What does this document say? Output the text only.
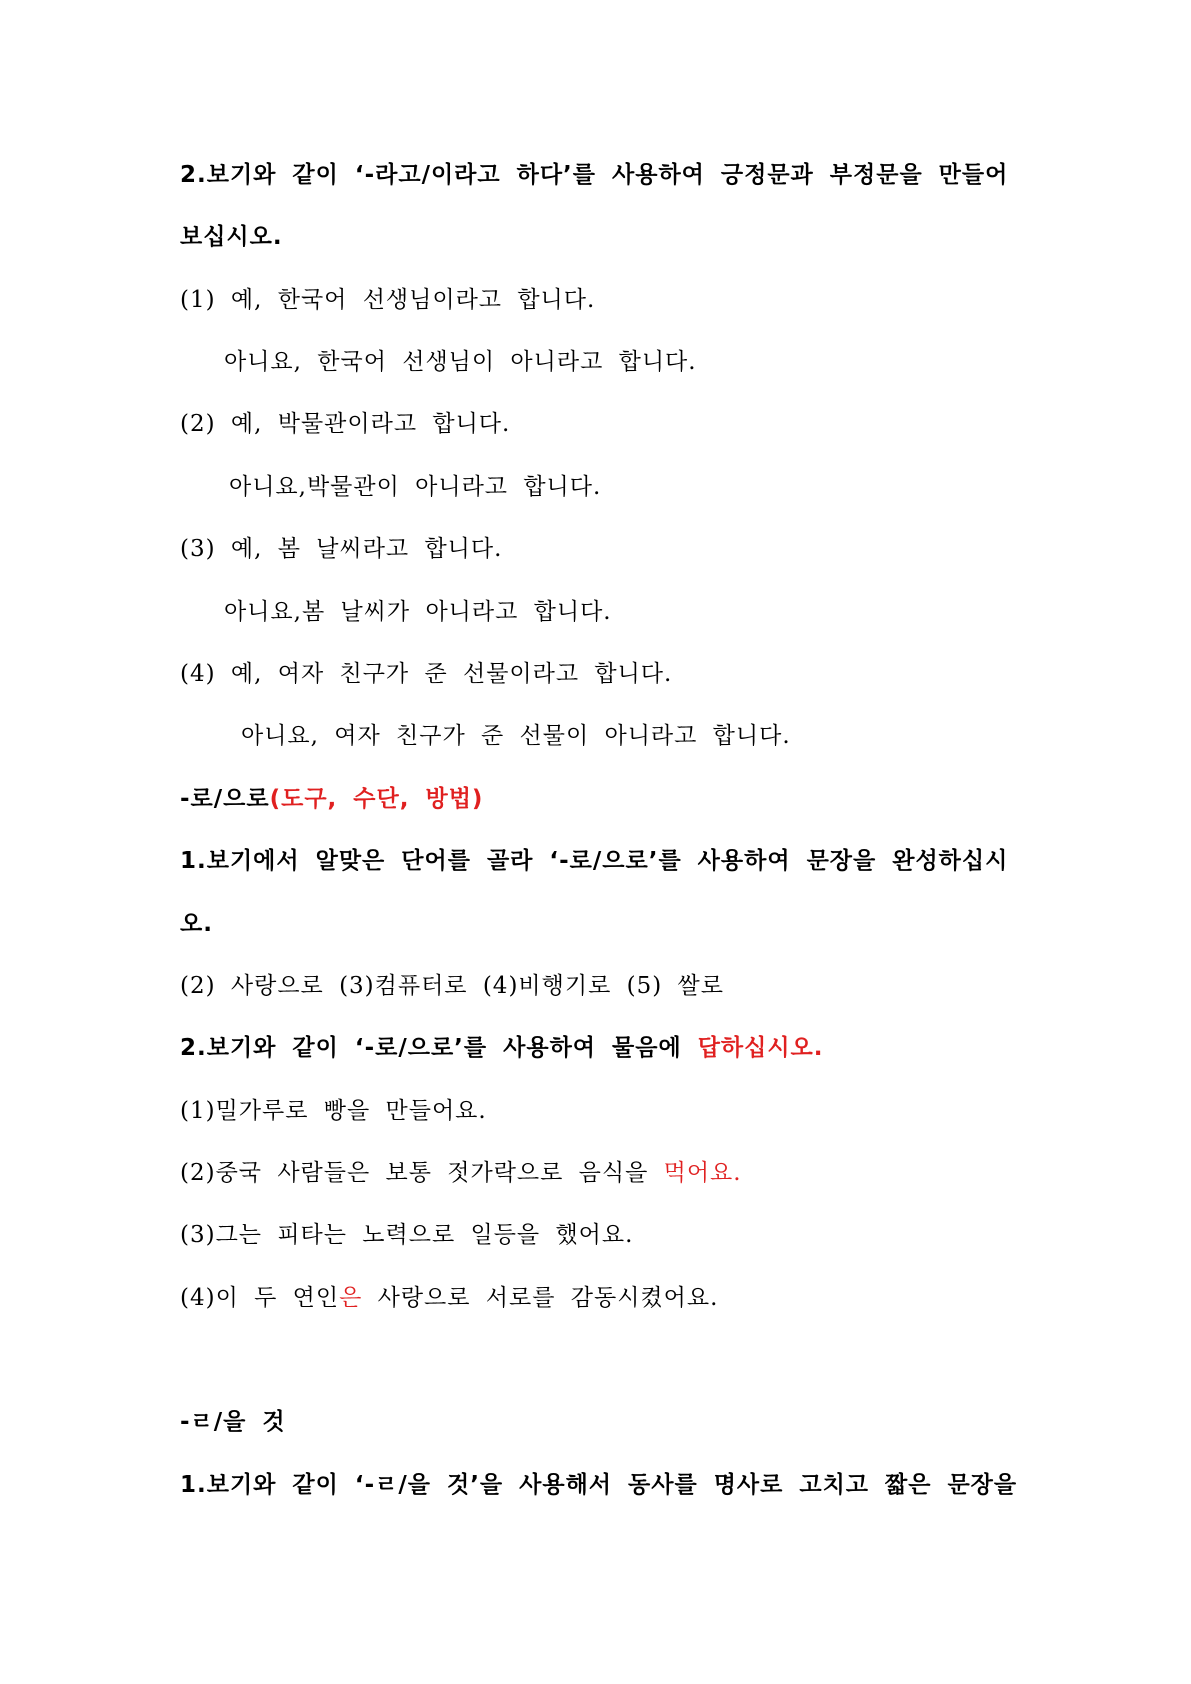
2.보기와 같이 ‘-라고/이라고 하다’를 사용하여 긍정문과 부정문을 만들어
보십시오.
(1) 예, 한국어 선생님이라고 합니다.
아니요, 한국어 선생님이 아니라고 합니다.
(2) 예, 박물관이라고 합니다.
아니요,박물관이 아니라고 합니다.
(3) 예, 봄 날씨라고 합니다.
아니요,봄 날씨가 아니라고 합니다.
(4) 예, 여자 친구가 준 선물이라고 합니다.
아니요, 여자 친구가 준 선물이 아니라고 합니다.
-로/으로(도구, 수단, 방법)
1.보기에서 알맞은 단어를 골라 ‘-로/으로’를 사용하여 문장을 완성하십시
오.
(2) 사랑으로 (3)컴퓨터로 (4)비행기로 (5) 쌀로
2.보기와 같이 ‘-로/으로’를 사용하여 물음에 답하십시오.
(1)밀가루로 빵을 만들어요.
(2)중국 사람들은 보통 젓가락으로 음식을 먹어요.
(3)그는 피타는 노력으로 일등을 했어요.
(4)이 두 연인은 사랑으로 서로를 감동시켰어요.
-ㄹ/을 것
1.보기와 같이 ‘-ㄹ/을 것’을 사용해서 동사를 명사로 고치고 짧은 문장을
